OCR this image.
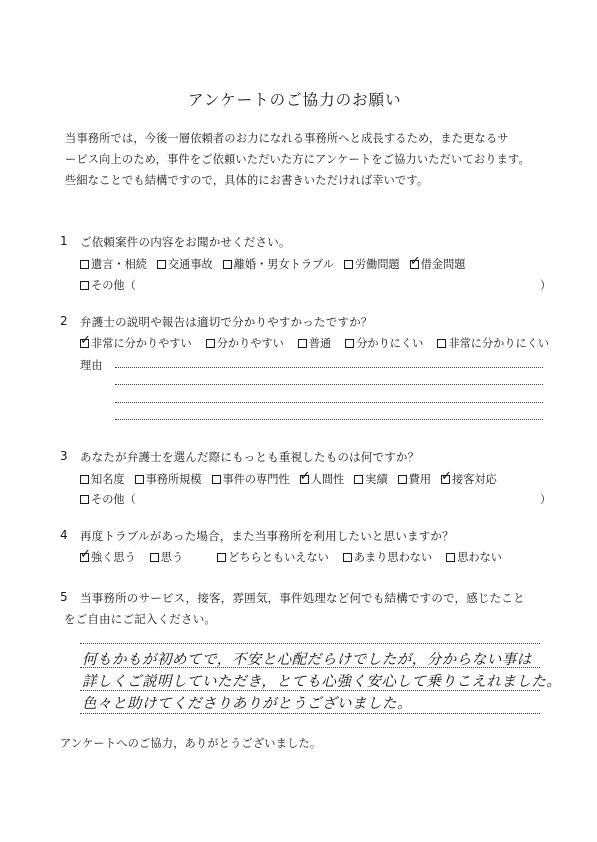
アンケートのご協力のお願い
当事務所では，今後一層依頼者のお力になれる事務所へと成長するため，また更なるサ
ービス向上のため，事件をご依頼いただいた方にアンケートをご協力いただいております。
些細なことでも結構ですので，具体的にお書きいただければ幸いです。
1 ご依頼案件の内容をお聞かせください。
遺言・相続 交通事故 離婚・男女トラブル 労働問題 ✓ 借金問題
その他（	）
2 弁護士の説明や報告は適切で分かりやすかったですか？
✓
非常に分かりやすい 分かりやすい 普通 分かりにくい 非常に分かりにくい
理由
3 あなたが弁護士を選んだ際にもっとも重視したものは何ですか？
知名度 事務所規模 事件の専門性 ✓ 人間性 実績 費用 ✓ 接客対応
その他（	）
4 再度トラブルがあった場合，また当事務所を利用したいと思いますか？
✓
強く思う 思う	どちらともいえない あまり思わない 思わない
5 当事務所のサービス，接客，雰囲気，事件処理など何でも結構ですので，感じたこと
をご自由にご記入ください。
何もかもが初めてで，不安と心配だらけでしたが，分からない事は
詳しくご説明していただき，とても心強く安心して乗りこえれました。
色々と助けてくださりありがとうございました。
アンケートへのご協力，ありがとうございました。
